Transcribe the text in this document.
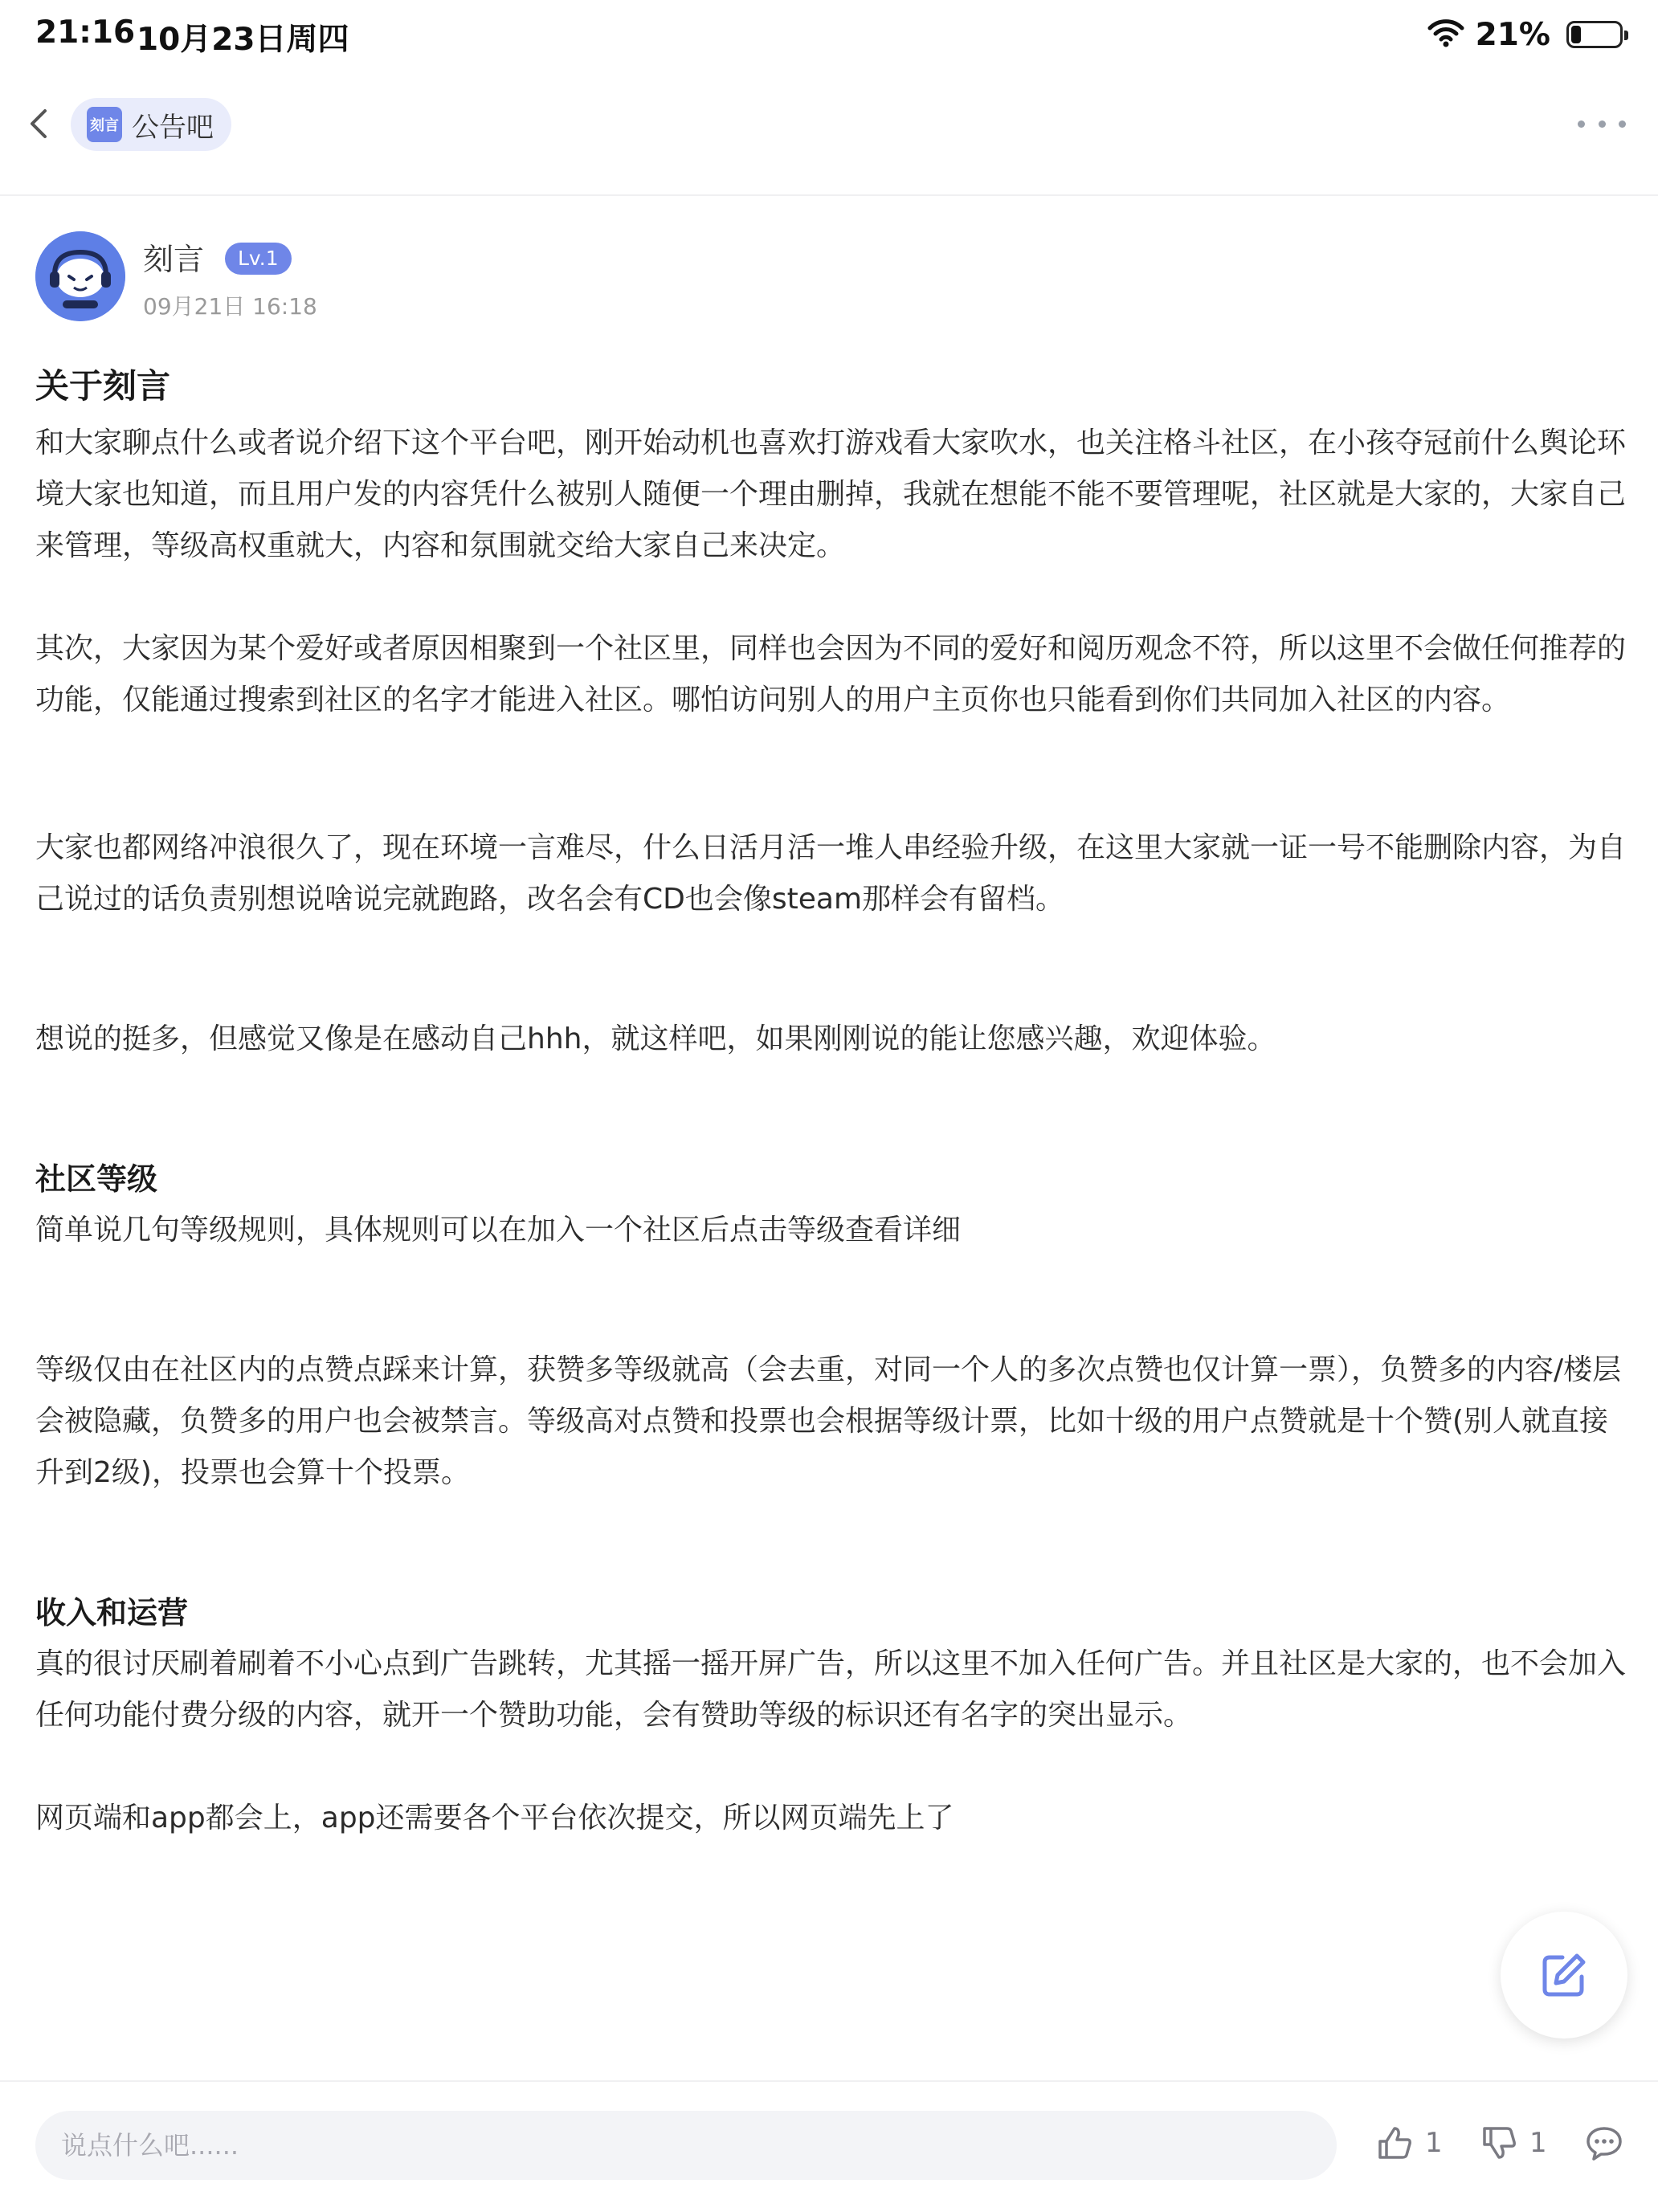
21:16 10月23日周四	21%
刻言 公告吧
刻言	Lv.1
09月21日 16:18
关于刻言

和大家聊点什么或者说介绍下这个平台吧，刚开始动机也喜欢打游戏看大家吹水，也关注格斗社区，在小孩夺冠前什么舆论环境大家也知道，而且用户发的内容凭什么被别人随便一个理由删掉，我就在想能不能不要管理呢，社区就是大家的，大家自己来管理，等级高权重就大，内容和氛围就交给大家自己来决定。

其次，大家因为某个爱好或者原因相聚到一个社区里，同样也会因为不同的爱好和阅历观念不符，所以这里不会做任何推荐的功能，仅能通过搜索到社区的名字才能进入社区。哪怕访问别人的用户主页你也只能看到你们共同加入社区的内容。

大家也都网络冲浪很久了，现在环境一言难尽，什么日活月活一堆人串经验升级，在这里大家就一证一号不能删除内容，为自己说过的话负责别想说啥说完就跑路，改名会有CD也会像steam那样会有留档。

想说的挺多，但感觉又像是在感动自己hhh，就这样吧，如果刚刚说的能让您感兴趣，欢迎体验。

社区等级

简单说几句等级规则，具体规则可以在加入一个社区后点击等级查看详细

等级仅由在社区内的点赞点踩来计算，获赞多等级就高（会去重，对同一个人的多次点赞也仅计算一票），负赞多的内容/楼层会被隐藏，负赞多的用户也会被禁言。等级高对点赞和投票也会根据等级计票，比如十级的用户点赞就是十个赞(别人就直接升到2级)，投票也会算十个投票。

收入和运营

真的很讨厌刷着刷着不小心点到广告跳转，尤其摇一摇开屏广告，所以这里不加入任何广告。并且社区是大家的，也不会加入任何功能付费分级的内容，就开一个赞助功能，会有赞助等级的标识还有名字的突出显示。

网页端和app都会上，app还需要各个平台依次提交，所以网页端先上了

说点什么吧......
1	1
